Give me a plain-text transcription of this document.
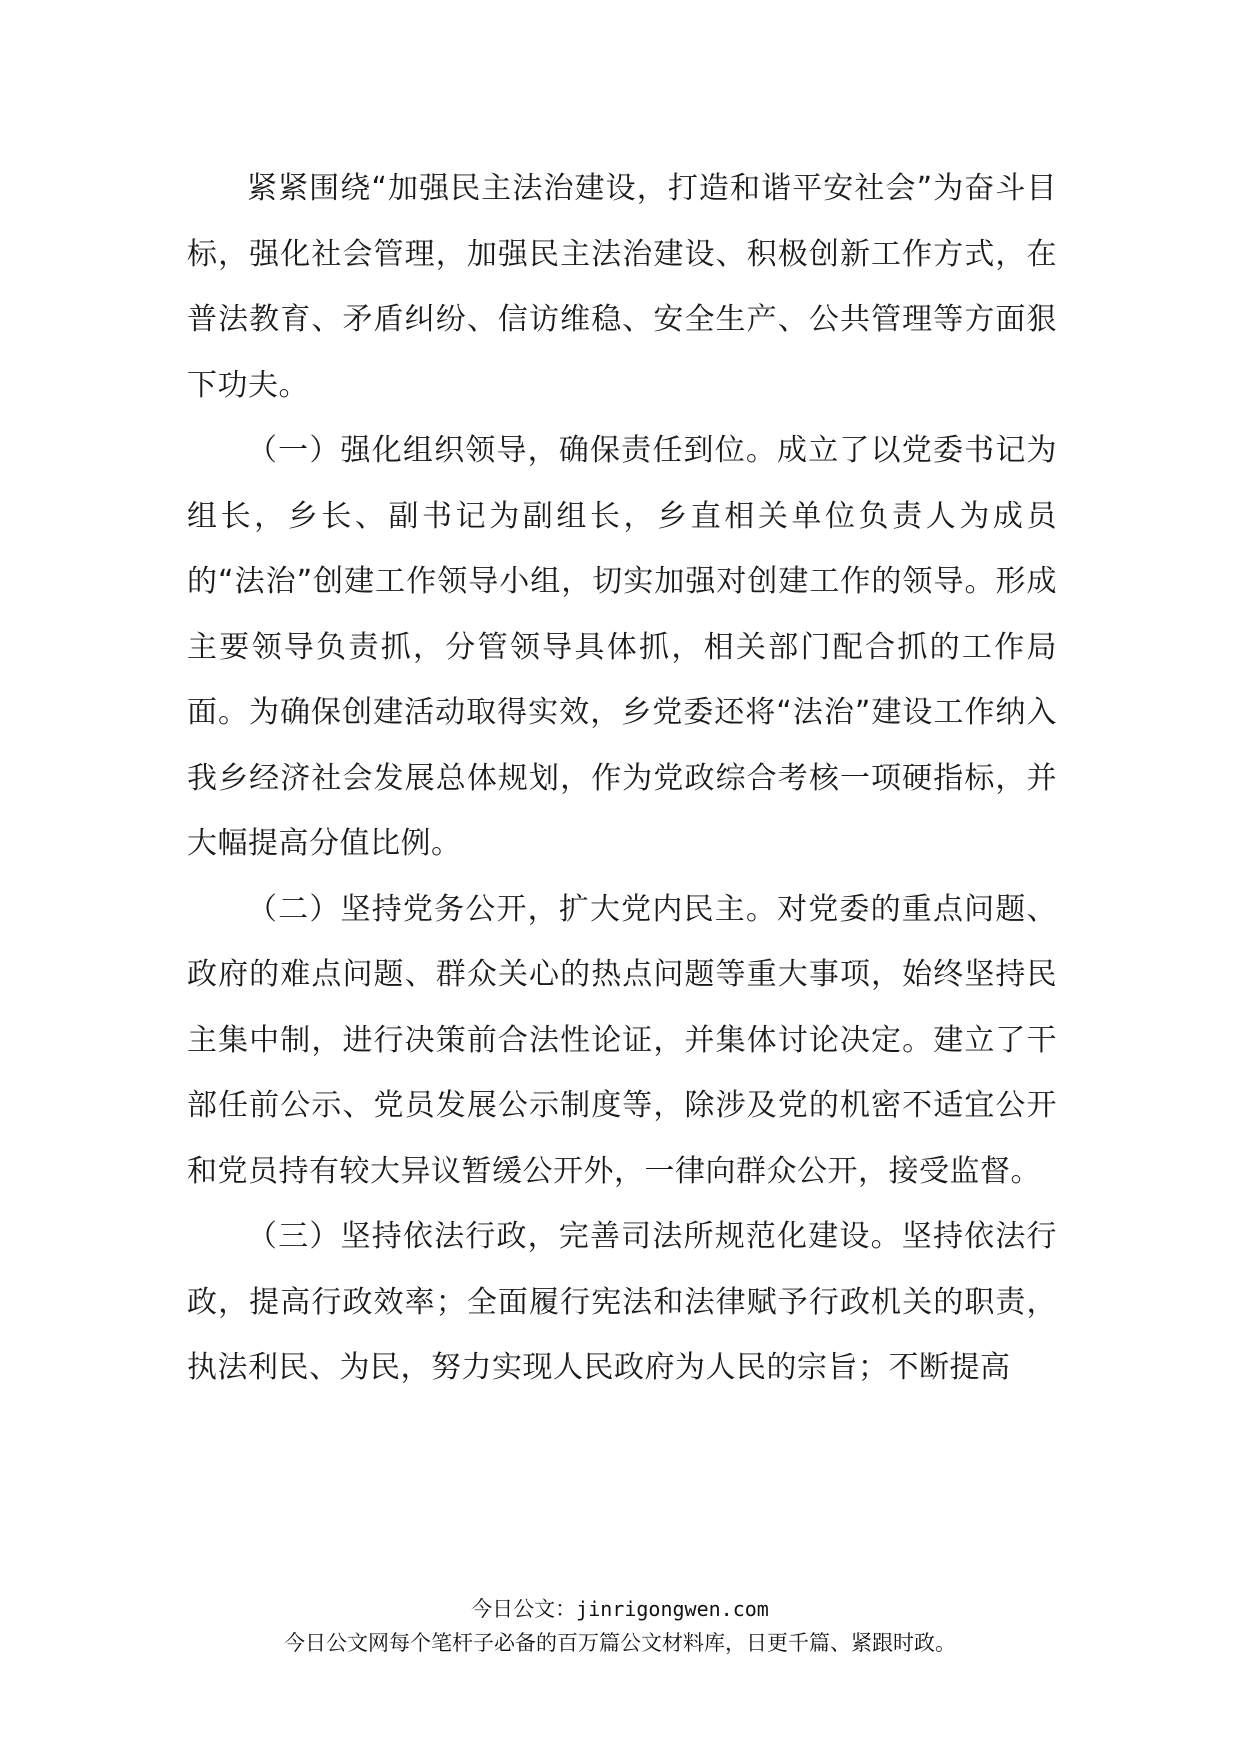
紧紧围绕“加强民主法治建设，打造和谐平安社会”为奋斗目标，强化社会管理，加强民主法治建设、积极创新工作方式，在普法教育、矛盾纠纷、信访维稳、安全生产、公共管理等方面狠下功夫。

（一）强化组织领导，确保责任到位。成立了以党委书记为组长，乡长、副书记为副组长，乡直相关单位负责人为成员的“法治”创建工作领导小组，切实加强对创建工作的领导。形成主要领导负责抓，分管领导具体抓，相关部门配合抓的工作局面。为确保创建活动取得实效，乡党委还将“法治”建设工作纳入我乡经济社会发展总体规划，作为党政综合考核一项硬指标，并大幅提高分值比例。

（二）坚持党务公开，扩大党内民主。对党委的重点问题、政府的难点问题、群众关心的热点问题等重大事项，始终坚持民主集中制，进行决策前合法性论证，并集体讨论决定。建立了干部任前公示、党员发展公示制度等，除涉及党的机密不适宜公开和党员持有较大异议暂缓公开外，一律向群众公开，接受监督。

（三）坚持依法行政，完善司法所规范化建设。坚持依法行政，提高行政效率；全面履行宪法和法律赋予行政机关的职责，执法利民、为民，努力实现人民政府为人民的宗旨；不断提高

今日公文：jinrigongwen.com
今日公文网每个笔杆子必备的百万篇公文材料库，日更千篇、紧跟时政。
